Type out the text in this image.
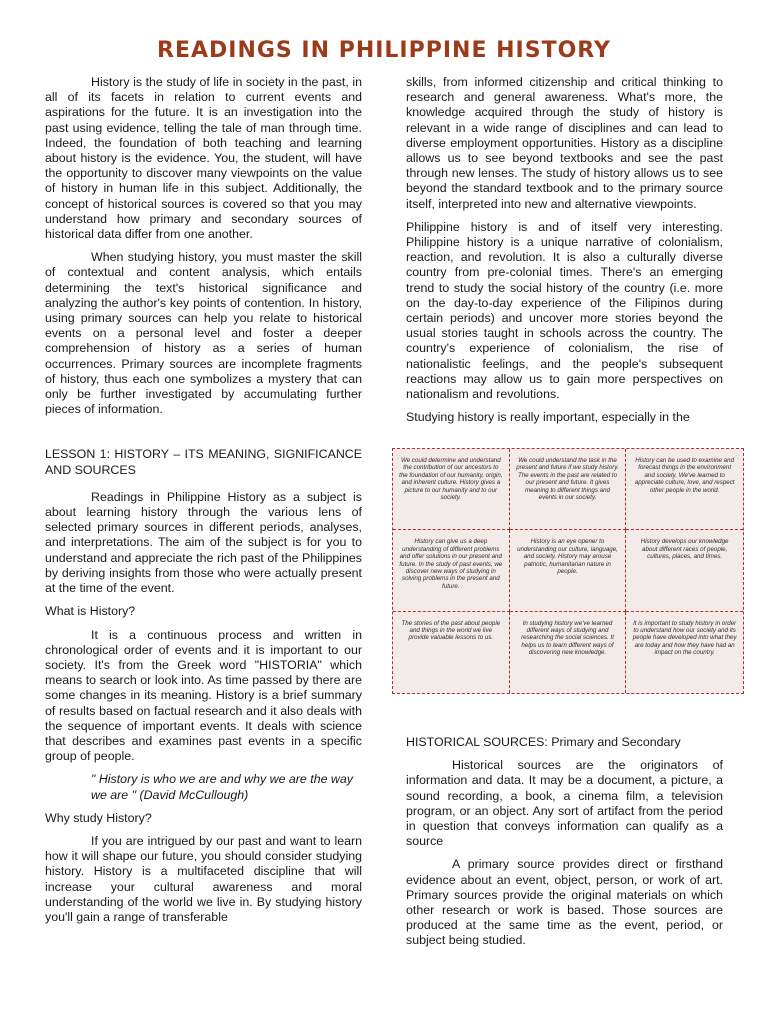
READINGS IN PHILIPPINE HISTORY

History is the study of life in society in the past, in all of its facets in relation to current events and aspirations for the future. It is an investigation into the past using evidence, telling the tale of man through time. Indeed, the foundation of both teaching and learning about history is the evidence. You, the student, will have the opportunity to discover many viewpoints on the value of history in human life in this subject. Additionally, the concept of historical sources is covered so that you may understand how primary and secondary sources of historical data differ from one another.

When studying history, you must master the skill of contextual and content analysis, which entails determining the text's historical significance and analyzing the author's key points of contention. In history, using primary sources can help you relate to historical events on a personal level and foster a deeper comprehension of history as a series of human occurrences. Primary sources are incomplete fragments of history, thus each one symbolizes a mystery that can only be further investigated by accumulating further pieces of information.

LESSON 1: HISTORY – ITS MEANING, SIGNIFICANCE AND SOURCES

Readings in Philippine History as a subject is about learning history through the various lens of selected primary sources in different periods, analyses, and interpretations. The aim of the subject is for you to understand and appreciate the rich past of the Philippines by deriving insights from those who were actually present at the time of the event.

What is History?

It is a continuous process and written in chronological order of events and it is important to our society. It's from the Greek word "HISTORIA" which means to search or look into. As time passed by there are some changes in its meaning. History is a brief summary of results based on factual research and it also deals with the sequence of important events. It deals with science that describes and examines past events in a specific group of people.

" History is who we are and why we are the way we are " (David McCullough)

Why study History?

If you are intrigued by our past and want to learn how it will shape our future, you should consider studying history. History is a multifaceted discipline that will increase your cultural awareness and moral understanding of the world we live in. By studying history you'll gain a range of transferable

skills, from informed citizenship and critical thinking to research and general awareness. What's more, the knowledge acquired through the study of history is relevant in a wide range of disciplines and can lead to diverse employment opportunities. History as a discipline allows us to see beyond textbooks and see the past through new lenses. The study of history allows us to see beyond the standard textbook and to the primary source itself, interpreted into new and alternative viewpoints.

Philippine history is and of itself very interesting. Philippine history is a unique narrative of colonialism, reaction, and revolution. It is also a culturally diverse country from pre-colonial times. There's an emerging trend to study the social history of the country (i.e. more on the day-to-day experience of the Filipinos during certain periods) and uncover more stories beyond the usual stories taught in schools across the country. The country's experience of colonialism, the rise of nationalistic feelings, and the people's subsequent reactions may allow us to gain more perspectives on nationalism and revolutions.

Studying history is really important, especially in the

We could determine and understand the contribution of our ancestors to the foundation of our humanity, origin, and inherent culture. History gives a picture to our humanity and to our society.
We could understand the task in the present and future if we study history. The events in the past are related to our present and future. It gives meaning to different things and events in our society.
History can be used to examine and forecast things in the environment and society. We've learned to appreciate culture, love, and respect other people in the world.
History can give us a deep understanding of different problems and offer solutions in our present and future. In the study of past events, we discover new ways of studying in solving problems in the present and future.
History is an eye opener to understanding our culture, language, and society. History may arouse patriotic, humanitarian nature in people.
History develops our knowledge about different races of people, cultures, places, and times.
The stories of the past about people and things in the world we live provide valuable lessons to us.
In studying history we've learned different ways of studying and researching the social sciences. It helps us to learn different ways of discovering new knowledge.
It is important to study history in order to understand how our society and its people have developed into what they are today and how they have had an impact on the country.

HISTORICAL SOURCES: Primary and Secondary

Historical sources are the originators of information and data. It may be a document, a picture, a sound recording, a book, a cinema film, a television program, or an object. Any sort of artifact from the period in question that conveys information can qualify as a source

A primary source provides direct or firsthand evidence about an event, object, person, or work of art. Primary sources provide the original materials on which other research or work is based. Those sources are produced at the same time as the event, period, or subject being studied.
